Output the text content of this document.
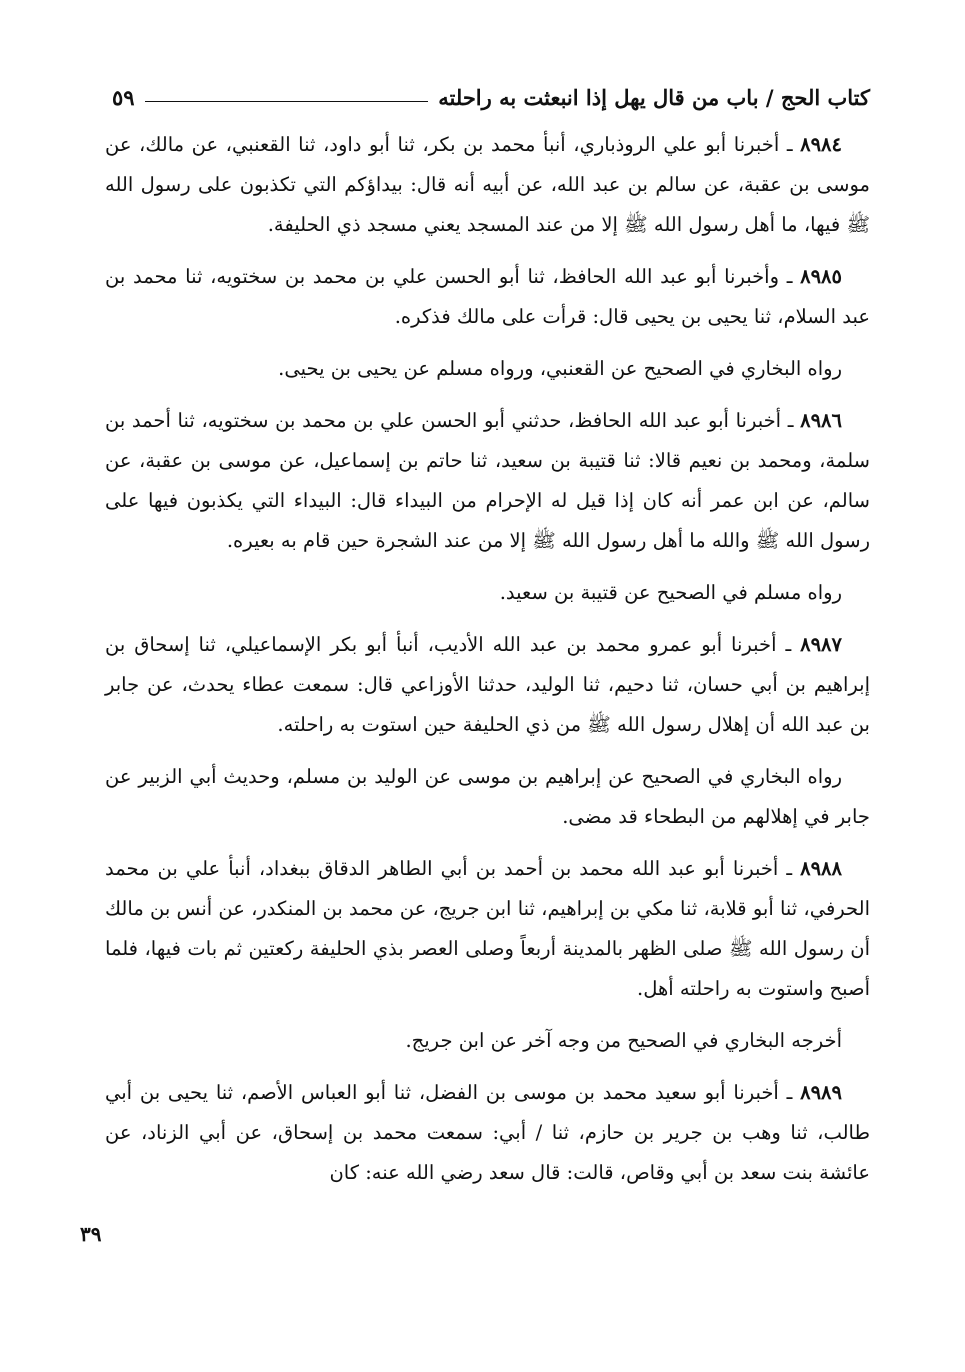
كتاب الحج / باب من قال يهل إذا انبعثت به راحلته
٥٩

٨٩٨٤ ـ أخبرنا أبو علي الروذباري، أنبأ محمد بن بكر، ثنا أبو داود، ثنا القعنبي، عن مالك، عن موسى بن عقبة، عن سالم بن عبد الله، عن أبيه أنه قال: بيداؤكم التي تكذبون على رسول الله ﷺ فيها، ما أهل رسول الله ﷺ إلا من عند المسجد يعني مسجد ذي الحليفة.

٨٩٨٥ ـ وأخبرنا أبو عبد الله الحافظ، ثنا أبو الحسن علي بن محمد بن سختويه، ثنا محمد بن عبد السلام، ثنا يحيى بن يحيى قال: قرأت على مالك فذكره.

رواه البخاري في الصحيح عن القعنبي، ورواه مسلم عن يحيى بن يحيى.

٨٩٨٦ ـ أخبرنا أبو عبد الله الحافظ، حدثني أبو الحسن علي بن محمد بن سختويه، ثنا أحمد بن سلمة، ومحمد بن نعيم قالا: ثنا قتيبة بن سعيد، ثنا حاتم بن إسماعيل، عن موسى بن عقبة، عن سالم، عن ابن عمر أنه كان إذا قيل له الإحرام من البيداء قال: البيداء التي يكذبون فيها على رسول الله ﷺ والله ما أهل رسول الله ﷺ إلا من عند الشجرة حين قام به بعيره.

رواه مسلم في الصحيح عن قتيبة بن سعيد.

٨٩٨٧ ـ أخبرنا أبو عمرو محمد بن عبد الله الأديب، أنبأ أبو بكر الإسماعيلي، ثنا إسحاق بن إبراهيم بن أبي حسان، ثنا دحيم، ثنا الوليد، حدثنا الأوزاعي قال: سمعت عطاء يحدث، عن جابر بن عبد الله أن إهلال رسول الله ﷺ من ذي الحليفة حين استوت به راحلته.

رواه البخاري في الصحيح عن إبراهيم بن موسى عن الوليد بن مسلم، وحديث أبي الزبير عن جابر في إهلالهم من البطحاء قد مضى.

٨٩٨٨ ـ أخبرنا أبو عبد الله محمد بن أحمد بن أبي الطاهر الدقاق ببغداد، أنبأ علي بن محمد الحرفي، ثنا أبو قلابة، ثنا مكي بن إبراهيم، ثنا ابن جريج، عن محمد بن المنكدر، عن أنس بن مالك أن رسول الله ﷺ صلى الظهر بالمدينة أربعاً وصلى العصر بذي الحليفة ركعتين ثم بات فيها، فلما أصبح واستوت به راحلته أهل.

أخرجه البخاري في الصحيح من وجه آخر عن ابن جريج.

٨٩٨٩ ـ أخبرنا أبو سعيد محمد بن موسى بن الفضل، ثنا أبو العباس الأصم، ثنا يحيى بن أبي طالب، ثنا وهب بن جرير بن حازم، ثنا / أبي: سمعت محمد بن إسحاق، عن أبي الزناد، عن عائشة بنت سعد بن أبي وقاص، قالت: قال سعد رضي الله عنه: كان

٣٩
